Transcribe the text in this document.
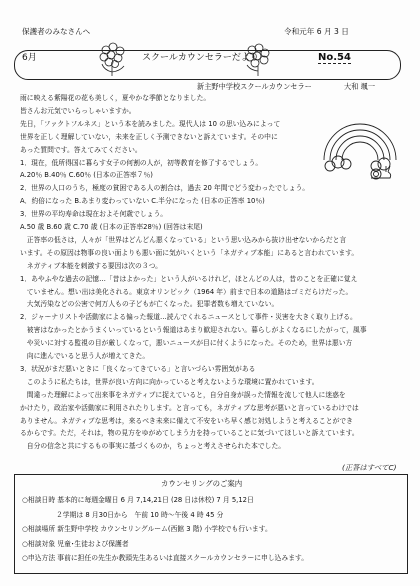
保護者のみなさんへ	令和元年 6 月 3 日
6月	スクールカウンセラーだより	No.54
新主野中学校スクールカウンセラー	大和 颯一
雨に映える紫陽花の花も美しく，夏やかな季節となりました。
皆さんお元気でいらっしゃいますか。
先日，「ファクトフルネス」という本を読みました。現代人は 10 の思い込みによって
世界を正しく理解していない，未来を正しく予測できないと訴えています。その中に
あった質問です。答えてみてください。
1．現在，低所得国に暮らす女子の何割の人が，初等教育を修了するでしょう。
A.20％ B.40％ C.60％ (日本の正答率７％)
2．世界の人口のうち，極度の貧困である人の割合は，過去 20 年間でどう変わったでしょう。
A．約倍になった B.あまり変わっていない C.半分になった (日本の正答率 10％)
3．世界の平均寿命は現在およそ何歳でしょう。
A.50 歳 B.60 歳 C.70 歳 (日本の正答率28％) (回答は末尾)
　正答率の低さは，人々が「世界はどんどん悪くなっている」という思い込みから抜け出せないからだと言
います。その原因は物事の良い面よりも悪い面に気がいくという「ネガティブ本能」にあると言われています。
　ネガティブ本能を刺激する要因は次の３つ。
1．あやふやな過去の記憶…「昔はよかった」という人がいるけれど，ほとんどの人は，昔のことを正確に覚え
　ていません。想い出は美化される。東京オリンピック（1964 年）前まで日本の道路はゴミだらけだった。
　大気汚染などの公害で何万人もの子どもが亡くなった。犯罪者数も増えていない。
2．ジャーナリストや活動家による偏った報道…読んでくれるニュースとして事件・災害を大きく取り上げる。
　被害はなかったとかうまくいっているという報道はあまり歓迎されない。暮らしがよくなるにしたがって，風事
　や災いに対する監視の目が厳しくなって，悪いニュースが目に付くようになった。そのため，世界は悪い方
　向に進んでいると思う人が増えてきた。
3．状況がまだ悪いときに「良くなってきている」と言いづらい雰囲気がある
　このように私たちは，世界が良い方向に向かっていると考えないような環境に置かれています。
　間違った理解によって出来事をネガティブに捉えていると，自分自身が誤った情報を流して他人に迷惑を
かけたり，政治家や活動家に利用されたりします。と言っても，ネガティブな思考が悪いと言っているわけでは
ありません。ネガティブな思考は，来るべき未来に備えて不安をいち早く感じ対処しようと考えることができ
るからです。ただ，それは，物の見方をゆがめてしまう力を持っていることに気づいてほしいと訴えています。
　自分の信念と共にするもの事実に基づくものか，ちょっと考えさせられた本でした。
(正答はすべてC)
カウンセリングのご案内
○相談日時 基本的に毎週金曜日 6 月 7,14,21日 (28 日は休校) 7 月 5,12日
　　　　　２学期は 8 月30日から　午前 10 時～午後 4 時 45 分
○相談場所 新生野中学校 カウンセリングルーム(西館 3 階) 小学校でも行います。
○相談対象 児童･生徒および保護者
○申込方法 事前に担任の先生か教頭先生あるいは直接スクールカウンセラーに申し込みます。
